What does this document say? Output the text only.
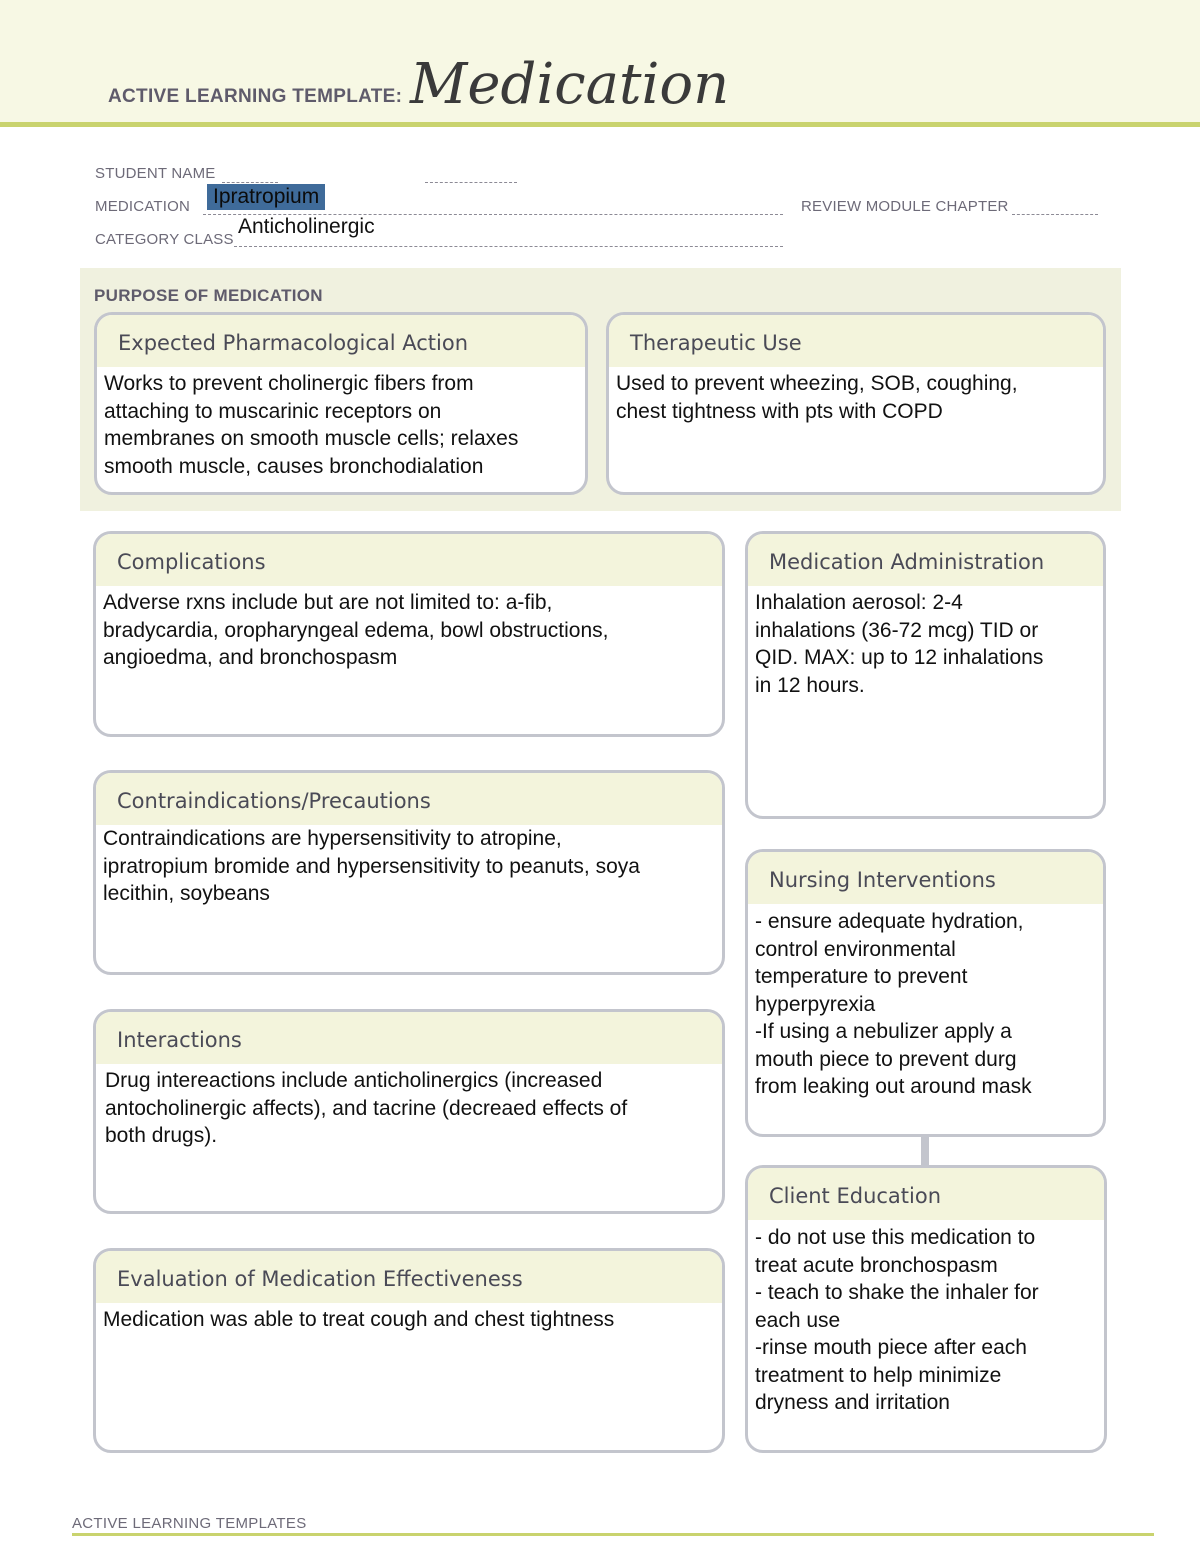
ACTIVE LEARNING TEMPLATE: Medication
STUDENT NAME
MEDICATION Ipratropium	REVIEW MODULE CHAPTER
CATEGORY CLASS
Anticholinergic
PURPOSE OF MEDICATION
Expected Pharmacological Action
Works to prevent cholinergic fibers from
attaching to muscarinic receptors on
membranes on smooth muscle cells; relaxes
smooth muscle, causes bronchodialation
Therapeutic Use
Used to prevent wheezing, SOB, coughing,
chest tightness with pts with COPD
Complications
Adverse rxns include but are not limited to: a-fib,
bradycardia, oropharyngeal edema, bowl obstructions,
angioedma, and bronchospasm
Contraindications/Precautions
Contraindications are hypersensitivity to atropine,
ipratropium bromide and hypersensitivity to peanuts, soya
lecithin, soybeans
Interactions
Drug intereactions include anticholinergics (increased
antocholinergic affects), and tacrine (decreaed effects of
both drugs).
Evaluation of Medication Effectiveness
Medication was able to treat cough and chest tightness
Medication Administration
Inhalation aerosol: 2-4
inhalations (36-72 mcg) TID or
QID. MAX: up to 12 inhalations
in 12 hours.
Nursing Interventions
- ensure adequate hydration,
control environmental
temperature to prevent
hyperpyrexia
-If using a nebulizer apply a
mouth piece to prevent durg
from leaking out around mask
Client Education
- do not use this medication to
treat acute bronchospasm
- teach to shake the inhaler for
each use
-rinse mouth piece after each
treatment to help minimize
dryness and irritation
ACTIVE LEARNING TEMPLATES
